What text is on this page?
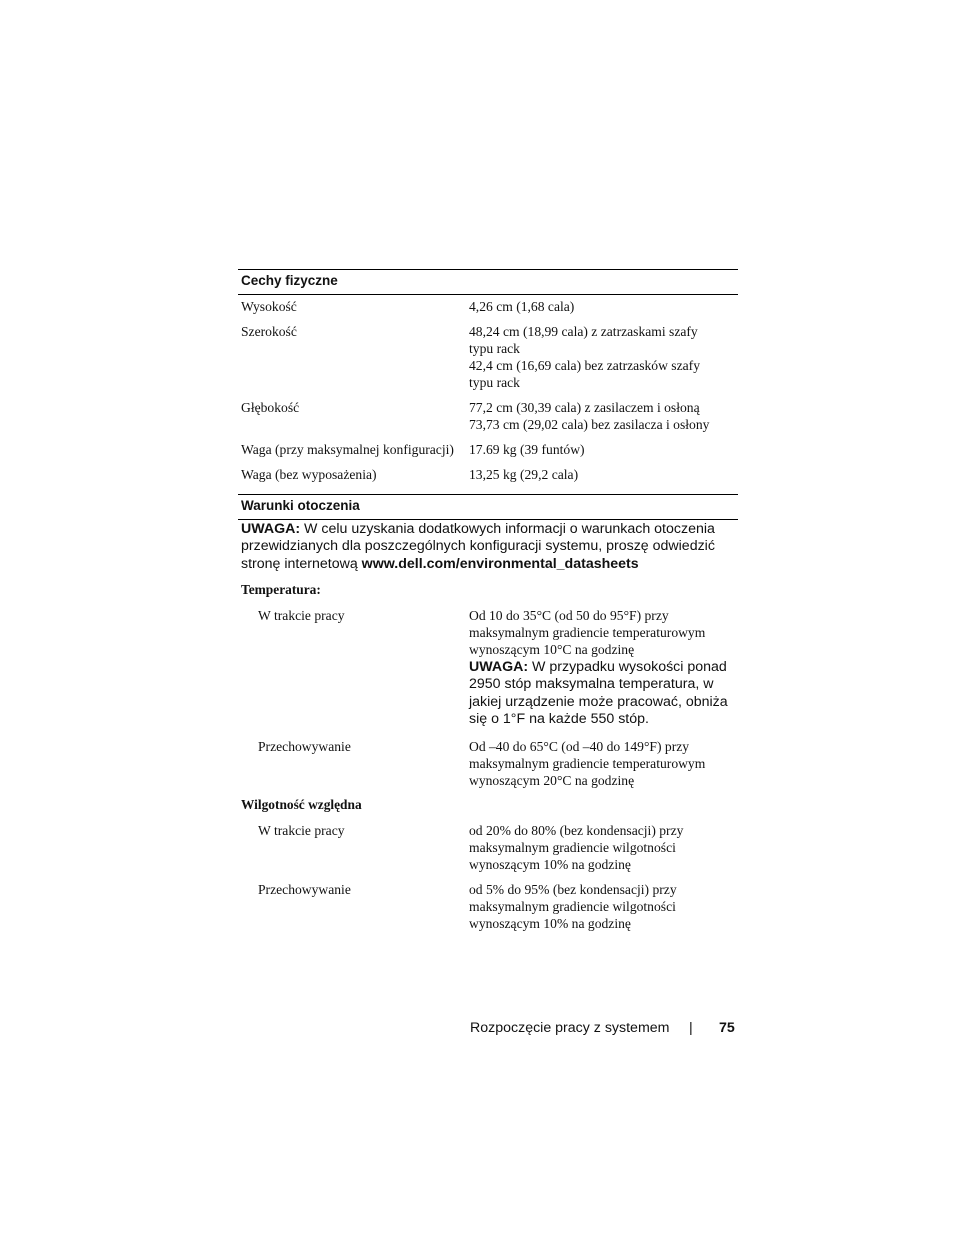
Cechy fizyczne
Wysokość	4,26 cm (1,68 cala)
Szerokość	48,24 cm (18,99 cala) z zatrzaskami szafy
typu rack
42,4 cm (16,69 cala) bez zatrzasków szafy
typu rack
Głębokość	77,2 cm (30,39 cala) z zasilaczem i osłoną
73,73 cm (29,02 cala) bez zasilacza i osłony
Waga (przy maksymalnej konfiguracji)	17.69 kg (39 funtów)
Waga (bez wyposażenia)	13,25 kg (29,2 cala)
Warunki otoczenia
UWAGA: W celu uzyskania dodatkowych informacji o warunkach otoczenia
przewidzianych dla poszczególnych konfiguracji systemu, proszę odwiedzić
stronę internetową www.dell.com/environmental_datasheets
Temperatura:
W trakcie pracy	Od 10 do 35°C (od 50 do 95°F) przy
maksymalnym gradiencie temperaturowym
wynoszącym 10°C na godzinę
UWAGA: W przypadku wysokości ponad
2950 stóp maksymalna temperatura, w
jakiej urządzenie może pracować, obniża
się o 1°F na każde 550 stóp.
Przechowywanie	Od –40 do 65°C (od –40 do 149°F) przy
maksymalnym gradiencie temperaturowym
wynoszącym 20°C na godzinę
Wilgotność względna
W trakcie pracy	od 20% do 80% (bez kondensacji) przy
maksymalnym gradiencie wilgotności
wynoszącym 10% na godzinę
Przechowywanie	od 5% do 95% (bez kondensacji) przy
maksymalnym gradiencie wilgotności
wynoszącym 10% na godzinę
Rozpoczęcie pracy z systemem | 75
